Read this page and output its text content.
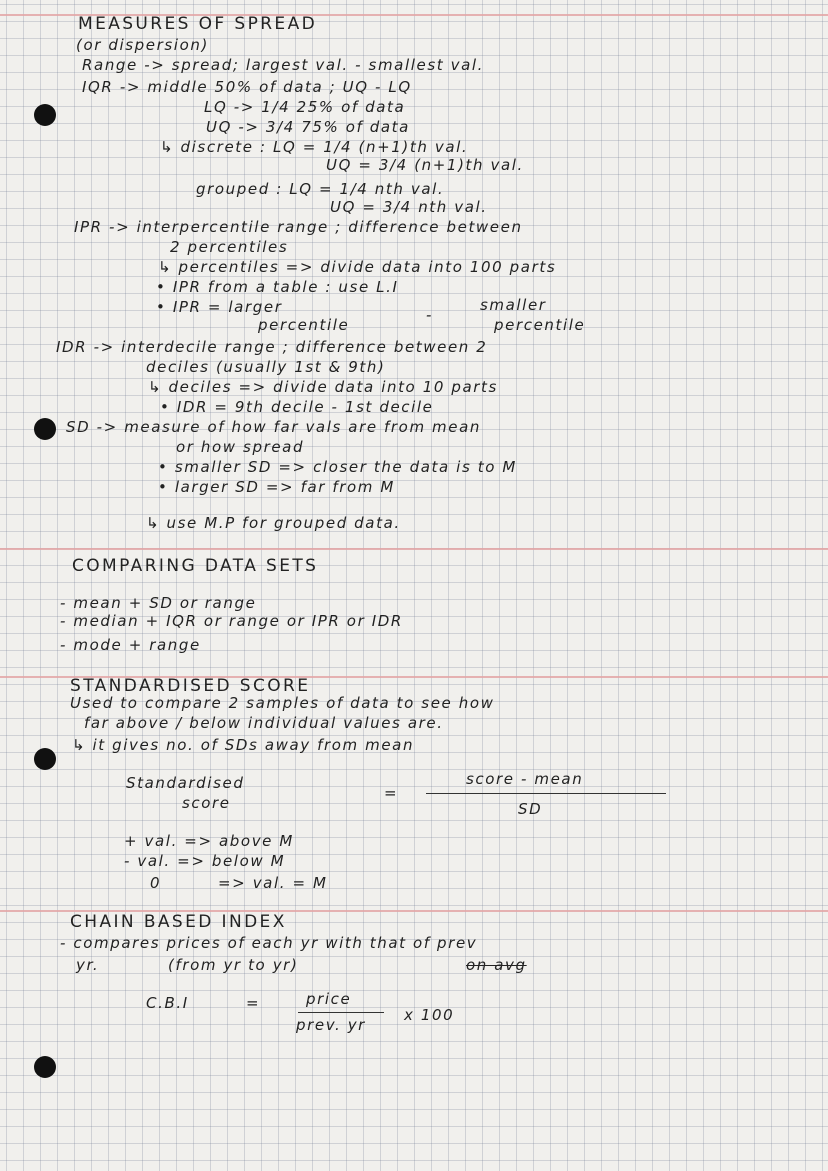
MEASURES OF SPREAD
(or dispersion)
Range -> spread; largest val. - smallest val.
IQR -> middle 50% of data ; UQ - LQ
LQ -> 1/4 25% of data
UQ -> 3/4 75% of data
↳ discrete : LQ = 1/4 (n+1)th val.
UQ = 3/4 (n+1)th val.
grouped : LQ = 1/4 nth val.
UQ = 3/4 nth val.
IPR -> interpercentile range ; difference between
2 percentiles
↳ percentiles => divide data into 100 parts
• IPR from a table : use L.I
• IPR = larger	-
smaller
percentile	percentile
IDR -> interdecile range ; difference between 2
deciles (usually 1st & 9th)
↳ deciles => divide data into 10 parts
• IDR = 9th decile - 1st decile
SD -> measure of how far vals are from mean
or how spread
• smaller SD => closer the data is to M
• larger SD => far from M
↳ use M.P for grouped data.
COMPARING DATA SETS
- mean + SD or range
- median + IQR or range or IPR or IDR
- mode + range
STANDARDISED SCORE
Used to compare 2 samples of data to see how
far above / below individual values are.
↳ it gives no. of SDs away from mean
Standardised
score
=
score - mean
SD
+ val. => above M
- val. => below M
0	=> val. = M
CHAIN BASED INDEX
- compares prices of each yr with that of prev
yr.	(from yr to yr)	on avg
C.B.I	=	price
prev. yr
x 100
